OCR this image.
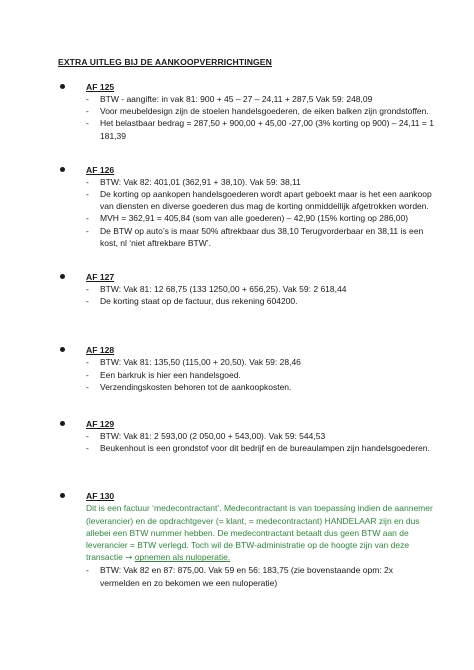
EXTRA UITLEG BIJ DE AANKOOPVERRICHTINGEN
AF 125
- BTW - aangifte: in vak 81: 900 + 45 – 27 – 24,11 + 287,5 Vak 59: 248,09
- Voor meubeldesign zijn de stoelen handelsgoederen, de eiken balken zijn grondstoffen.
- Het belastbaar bedrag = 287,50 + 900,00 + 45,00 -27,00 (3% korting op 900) – 24,11 = 1 181,39
AF 126
- BTW: Vak 82: 401,01 (362,91 + 38,10). Vak 59: 38,11
- De korting op aankopen handelsgoederen wordt apart geboekt maar is het een aankoop van diensten en diverse goederen dus mag de korting onmiddellijk afgetrokken worden.
- MVH = 362,91 = 405,84 (som van alle goederen) – 42,90 (15% korting op 286,00)
- De BTW op auto’s is maar 50% aftrekbaar dus 38,10 Terugvorderbaar en 38,11 is een kost, nl ‘niet aftrekbare BTW’.
AF 127
- BTW: Vak 81: 12 68,75 (133 1250,00 + 656,25). Vak 59: 2 618,44
- De korting staat op de factuur, dus rekening 604200.
AF 128
- BTW: Vak 81: 135,50 (115,00 + 20,50). Vak 59: 28,46
- Een barkruk is hier een handelsgoed.
- Verzendingskosten behoren tot de aankoopkosten.
AF 129
- BTW: Vak 81: 2 593,00 (2 050,00 + 543,00). Vak 59: 544,53
- Beukenhout is een grondstof voor dit bedrijf en de bureaulampen zijn handelsgoederen.
AF 130
Dit is een factuur ‘medecontractant’. Medecontractant is van toepassing indien de aannemer (leverancier) en de opdrachtgever (= klant, = medecontractant) HANDELAAR zijn en dus allebei een BTW nummer hebben. De medecontractant betaalt dus geen BTW aan de leverancier = BTW verlegd. Toch wil de BTW-administratie op de hoogte zijn van deze transactie → opnemen als nuloperatie.
- BTW: Vak 82 en 87: 875,00. Vak 59 en 56: 183,75 (zie bovenstaande opm: 2x vermelden en zo bekomen we een nuloperatie)
